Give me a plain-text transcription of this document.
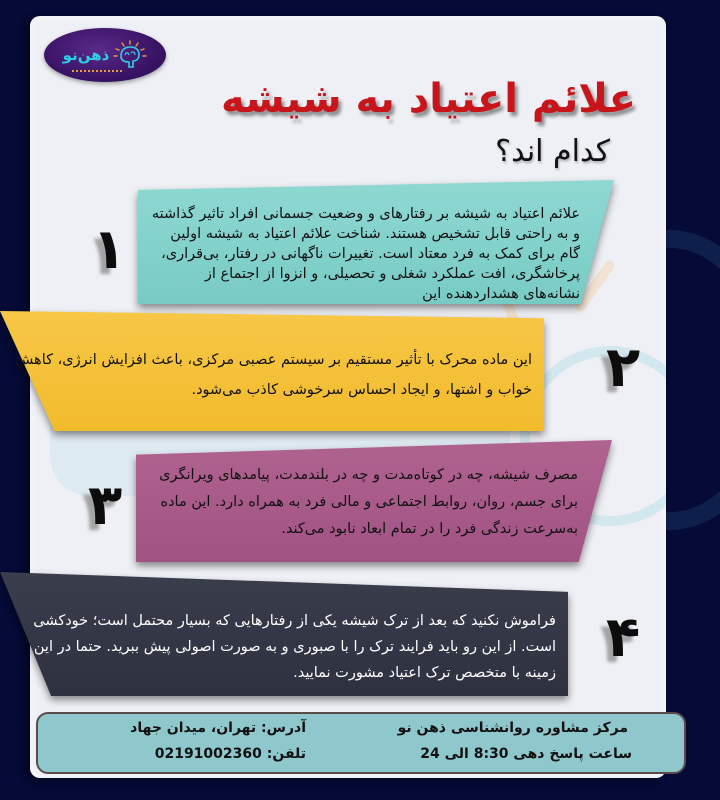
ذهن‌نو
علائم اعتیاد به شیشه
کدام اند؟
علائم اعتیاد به شیشه بر رفتارهای و وضعیت جسمانی افراد تاثیر گذاشته و به راحتی قابل تشخیص هستند. شناخت علائم اعتیاد به شیشه اولین گام برای کمک به فرد معتاد است. تغییرات ناگهانی در رفتار، بی‌قراری، پرخاشگری، افت عملکرد شغلی و تحصیلی، و انزوا از اجتماع از نشانه‌های هشداردهنده این
۱
این ماده محرک با تأثیر مستقیم بر سیستم عصبی مرکزی، باعث افزایش انرژی، کاهش خواب و اشتها، و ایجاد احساس سرخوشی کاذب می‌شود. ۲
مصرف شیشه، چه در کوتاه‌مدت و چه در بلندمدت، پیامدهای ویرانگری برای جسم، روان، روابط اجتماعی و مالی فرد به همراه دارد. این ماده به‌سرعت زندگی فرد را در تمام ابعاد نابود می‌کند.
۳
فراموش نکنید که بعد از ترک شیشه یکی از رفتارهایی که بسیار محتمل است؛ خودکشی است. از این رو باید فرایند ترک را با صبوری و به صورت اصولی پیش ببرید. حتما در این زمینه با متخصص ترک اعتیاد مشورت نمایید.
۴
مرکز مشاوره روانشناسی ذهن نو
ساعت پاسخ دهی 8:30 الی 24
آدرس: تهران، میدان جهاد
تلفن: 02191002360
